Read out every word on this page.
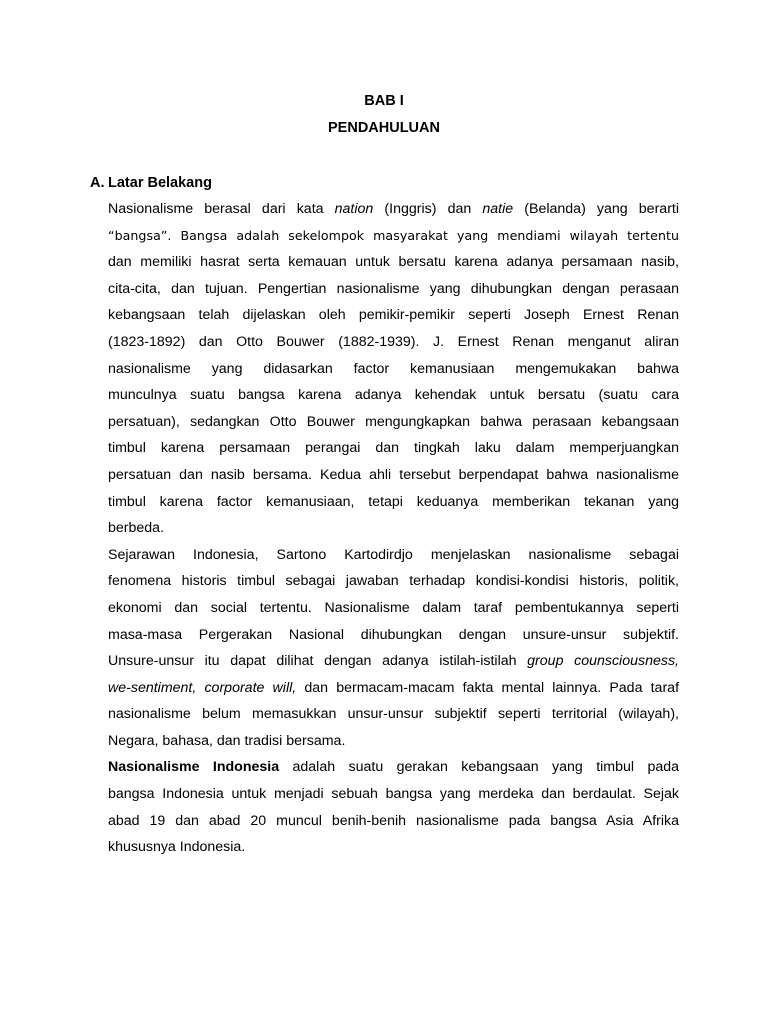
BAB I
PENDAHULUAN
A. Latar Belakang
Nasionalisme berasal dari kata nation (Inggris) dan natie (Belanda) yang berarti
“bangsa”. Bangsa adalah sekelompok masyarakat yang mendiami wilayah tertentu
dan memiliki hasrat serta kemauan untuk bersatu karena adanya persamaan nasib,
cita-cita, dan tujuan. Pengertian nasionalisme yang dihubungkan dengan perasaan
kebangsaan telah dijelaskan oleh pemikir-pemikir seperti Joseph Ernest Renan
(1823-1892) dan Otto Bouwer (1882-1939). J. Ernest Renan menganut aliran
nasionalisme yang didasarkan factor kemanusiaan mengemukakan bahwa
munculnya suatu bangsa karena adanya kehendak untuk bersatu (suatu cara
persatuan), sedangkan Otto Bouwer mengungkapkan bahwa perasaan kebangsaan
timbul karena persamaan perangai dan tingkah laku dalam memperjuangkan
persatuan dan nasib bersama. Kedua ahli tersebut berpendapat bahwa nasionalisme
timbul karena factor kemanusiaan, tetapi keduanya memberikan tekanan yang
berbeda.
Sejarawan Indonesia, Sartono Kartodirdjo menjelaskan nasionalisme sebagai
fenomena historis timbul sebagai jawaban terhadap kondisi-kondisi historis, politik,
ekonomi dan social tertentu. Nasionalisme dalam taraf pembentukannya seperti
masa-masa Pergerakan Nasional dihubungkan dengan unsure-unsur subjektif.
Unsure-unsur itu dapat dilihat dengan adanya istilah-istilah group counsciousness,
we-sentiment, corporate will, dan bermacam-macam fakta mental lainnya. Pada taraf
nasionalisme belum memasukkan unsur-unsur subjektif seperti territorial (wilayah),
Negara, bahasa, dan tradisi bersama.
Nasionalisme Indonesia adalah suatu gerakan kebangsaan yang timbul pada
bangsa Indonesia untuk menjadi sebuah bangsa yang merdeka dan berdaulat. Sejak
abad 19 dan abad 20 muncul benih-benih nasionalisme pada bangsa Asia Afrika
khususnya Indonesia.
